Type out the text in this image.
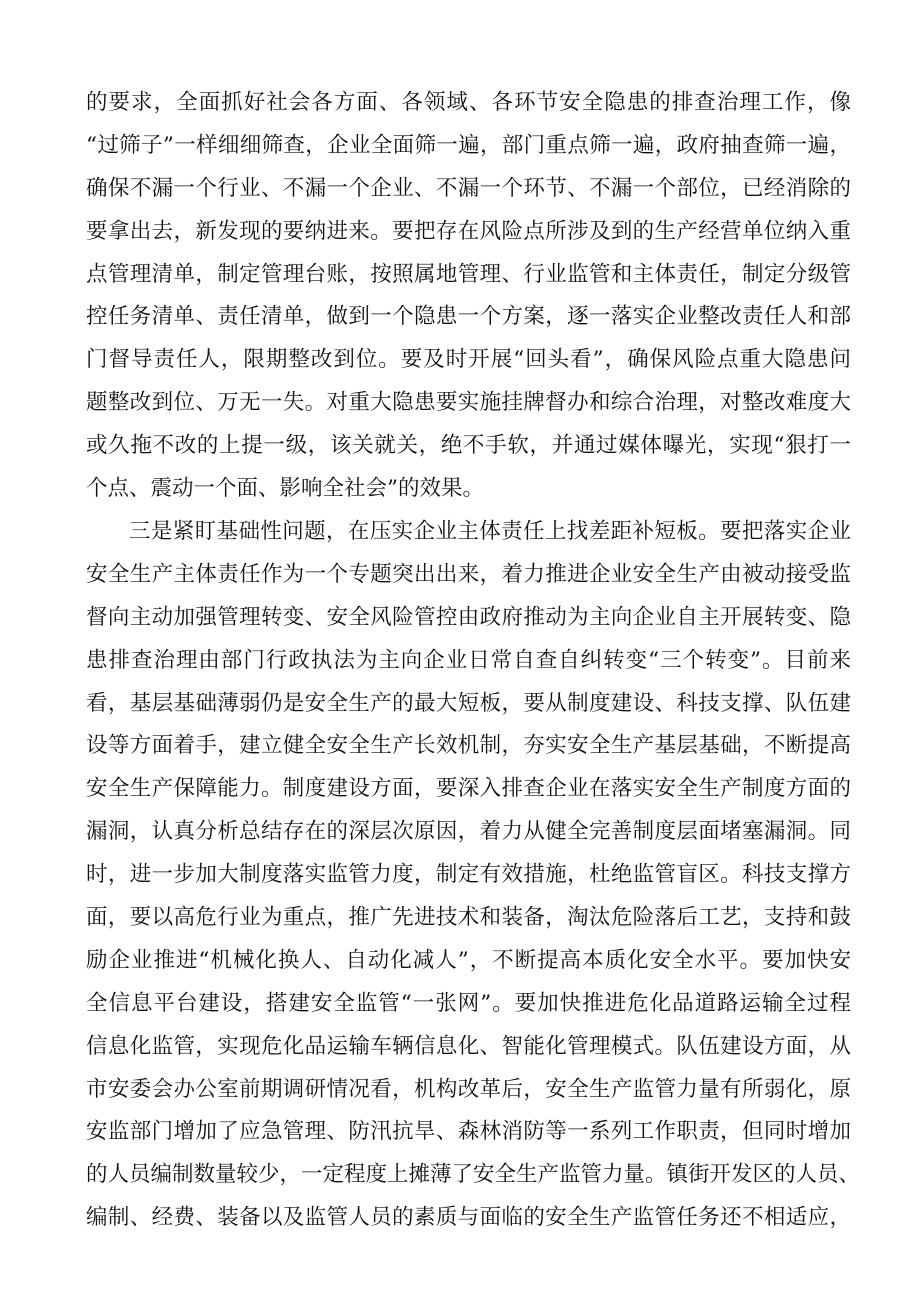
的要求，全面抓好社会各方面、各领域、各环节安全隐患的排查治理工作，像
“过筛子”一样细细筛查，企业全面筛一遍，部门重点筛一遍，政府抽查筛一遍，
确保不漏一个行业、不漏一个企业、不漏一个环节、不漏一个部位，已经消除的
要拿出去，新发现的要纳进来。要把存在风险点所涉及到的生产经营单位纳入重
点管理清单，制定管理台账，按照属地管理、行业监管和主体责任，制定分级管
控任务清单、责任清单，做到一个隐患一个方案，逐一落实企业整改责任人和部
门督导责任人，限期整改到位。要及时开展“回头看”，确保风险点重大隐患问
题整改到位、万无一失。对重大隐患要实施挂牌督办和综合治理，对整改难度大
或久拖不改的上提一级，该关就关，绝不手软，并通过媒体曝光，实现“狠打一
个点、震动一个面、影响全社会”的效果。
三是紧盯基础性问题，在压实企业主体责任上找差距补短板。要把落实企业
安全生产主体责任作为一个专题突出出来，着力推进企业安全生产由被动接受监
督向主动加强管理转变、安全风险管控由政府推动为主向企业自主开展转变、隐
患排查治理由部门行政执法为主向企业日常自查自纠转变“三个转变”。目前来
看，基层基础薄弱仍是安全生产的最大短板，要从制度建设、科技支撑、队伍建
设等方面着手，建立健全安全生产长效机制，夯实安全生产基层基础，不断提高
安全生产保障能力。制度建设方面，要深入排查企业在落实安全生产制度方面的
漏洞，认真分析总结存在的深层次原因，着力从健全完善制度层面堵塞漏洞。同
时，进一步加大制度落实监管力度，制定有效措施，杜绝监管盲区。科技支撑方
面，要以高危行业为重点，推广先进技术和装备，淘汰危险落后工艺，支持和鼓
励企业推进“机械化换人、自动化减人”，不断提高本质化安全水平。要加快安
全信息平台建设，搭建安全监管“一张网”。要加快推进危化品道路运输全过程
信息化监管，实现危化品运输车辆信息化、智能化管理模式。队伍建设方面，从
市安委会办公室前期调研情况看，机构改革后，安全生产监管力量有所弱化，原
安监部门增加了应急管理、防汛抗旱、森林消防等一系列工作职责，但同时增加
的人员编制数量较少，一定程度上摊薄了安全生产监管力量。镇街开发区的人员、
编制、经费、装备以及监管人员的素质与面临的安全生产监管任务还不相适应，
